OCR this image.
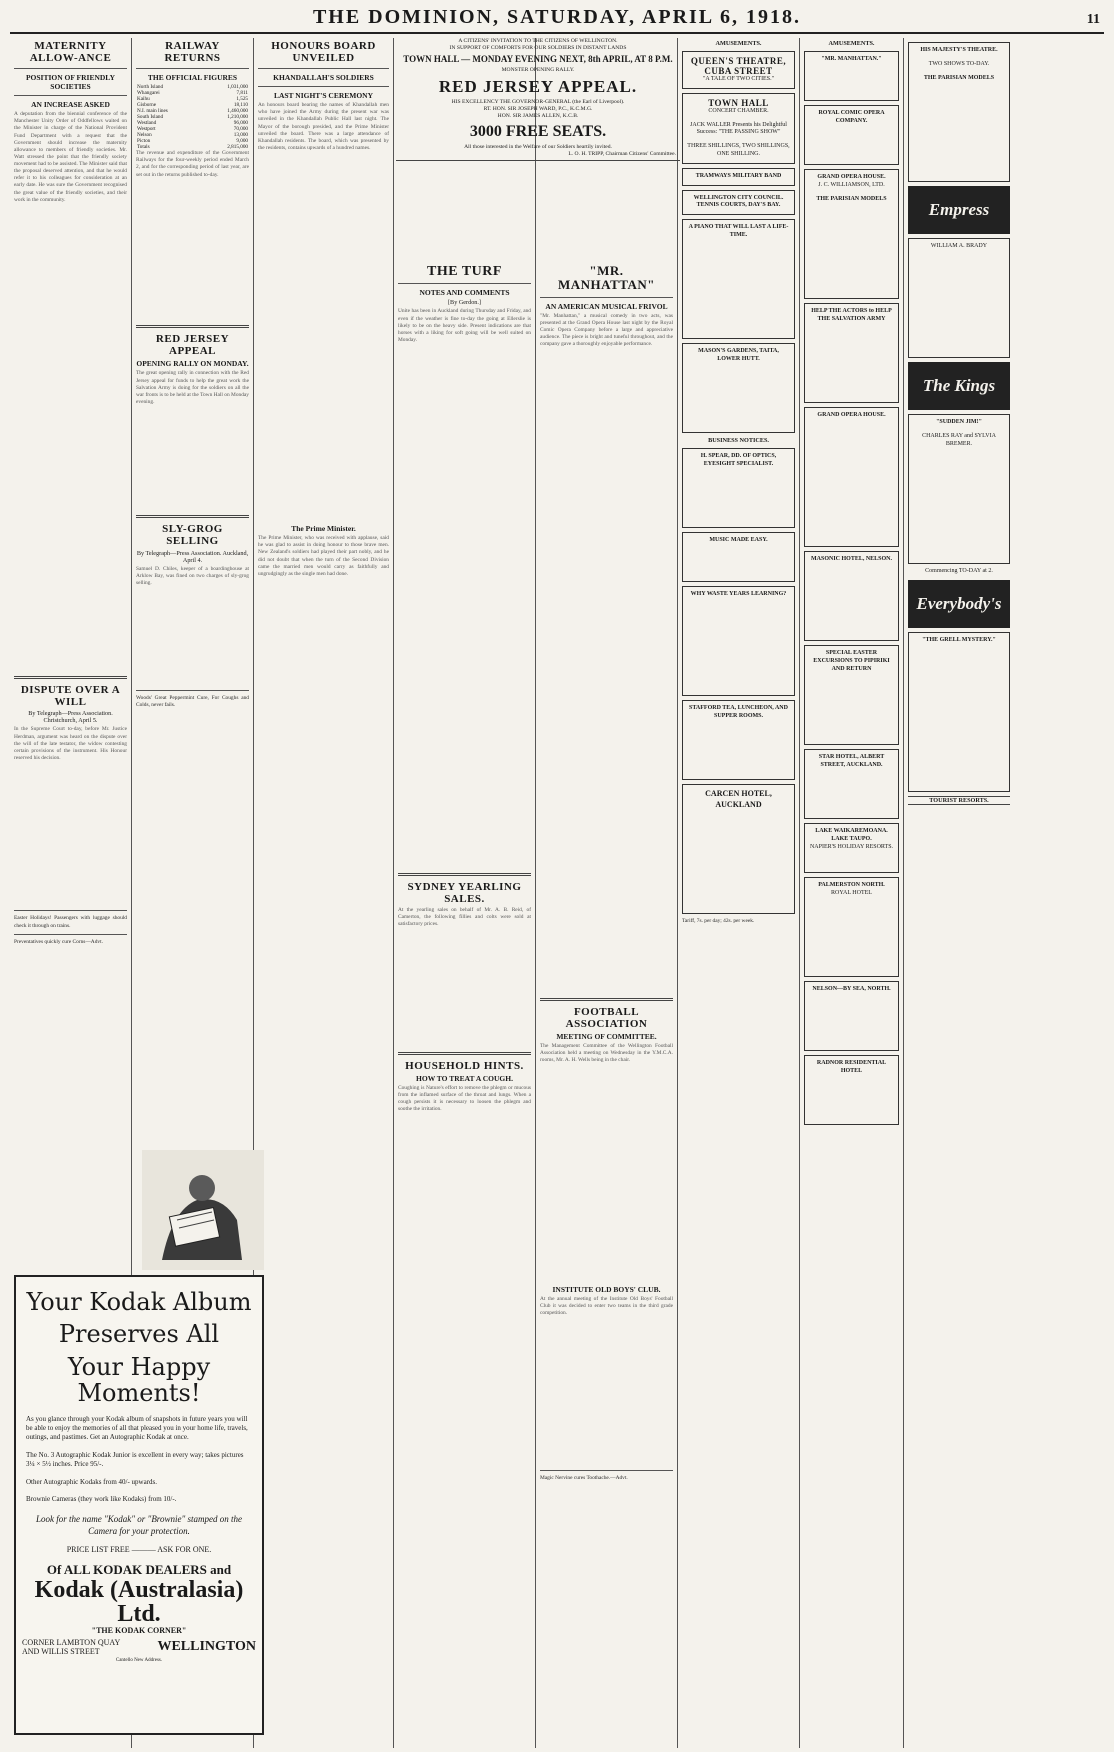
THE DOMINION, SATURDAY, APRIL 6, 1918.	11
A CITIZENS' INVITATION TO THE CITIZENS OF WELLINGTON.
IN SUPPORT OF COMFORTS FOR OUR SOLDIERS IN DISTANT LANDS
TOWN HALL — MONDAY EVENING NEXT, 8th APRIL, AT 8 P.M.
MONSTER OPENING RALLY.
RED JERSEY APPEAL.
HIS EXCELLENCY THE GOVERNOR-GENERAL (the Earl of Liverpool).
RT. HON. SIR JOSEPH WARD, P.C., K.C.M.G.
HON. SIR JAMES ALLEN, K.C.B.
3000 FREE SEATS.
All those interested in the Welfare of our Soldiers heartily invited.
L. O. H. TRIPP, Chairman Citizens' Committee.
MATERNITY ALLOW-ANCE
POSITION OF FRIENDLY SOCIETIES
AN INCREASE ASKED
A deputation from the biennial conference of the Manchester Unity Order of Oddfellows waited on the Minister in charge of the National Provident Fund Department with a request that the Government should increase the maternity allowance to members of friendly societies. Mr. Watt stressed the point that the friendly society movement had to be assisted. The Minister said that the proposal deserved attention, and that he would refer it to his colleagues for consideration at an early date. He was sure the Government recognised the great value of the friendly societies, and their work in the community.
DISPUTE OVER A WILL
By Telegraph—Press Association. Christchurch, April 5.
In the Supreme Court to-day, before Mr. Justice Herdman, argument was heard on the dispute over the will of the late testator, the widow contesting certain provisions of the instrument. His Honour reserved his decision.
Easter Holidays! Passengers with luggage should check it through on trains.
Preventatives quickly cure Corns—Advt.
RAILWAY RETURNS
THE OFFICIAL FIGURES
North Island	1,031,000
Whangarei	7,811
Kaihu	1,525
Gisborne	18,110
N.I. main lines	1,460,000
South Island	1,210,000
Westland	96,000
Westport	70,000
Nelson	13,000
Picton	9,000
Totals	2,815,000
The revenue and expenditure of the Government Railways for the four-weekly period ended March 2, and for the corresponding period of last year, are set out in the returns published to-day.
RED JERSEY APPEAL
OPENING RALLY ON MONDAY.
The great opening rally in connection with the Red Jersey appeal for funds to help the great work the Salvation Army is doing for the soldiers on all the war fronts is to be held at the Town Hall on Monday evening.
SLY-GROG SELLING
By Telegraph—Press Association. Auckland, April 4.
Samuel D. Chiles, keeper of a boardinghouse at Arklow Bay, was fined on two charges of sly-grog selling.
Woods' Great Peppermint Cure, For Coughs and Colds, never fails.
HONOURS BOARD UNVEILED
KHANDALLAH'S SOLDIERS
LAST NIGHT'S CEREMONY
An honours board bearing the names of Khandallah men who have joined the Army during the present war was unveiled in the Khandallah Public Hall last night. The Mayor of the borough presided, and the Prime Minister unveiled the board. There was a large attendance of Khandallah residents. The board, which was presented by the residents, contains upwards of a hundred names.
The Prime Minister.
The Prime Minister, who was received with applause, said he was glad to assist in doing honour to those brave men. New Zealand's soldiers had played their part nobly, and he did not doubt that when the turn of the Second Division came the married men would carry as faithfully and ungrudgingly as the single men had done.
THE TURF
NOTES AND COMMENTS
[By Gerdon.]
Unite has been in Auckland during Thursday and Friday, and even if the weather is fine to-day the going at Ellerslie is likely to be on the heavy side. Present indications are that horses with a liking for soft going will be well suited on Monday.
SYDNEY YEARLING SALES.
At the yearling sales on behalf of Mr. A. B. Reid, of Camerton, the following fillies and colts were sold at satisfactory prices.
HOUSEHOLD HINTS.
HOW TO TREAT A COUGH.
Coughing is Nature's effort to remove the phlegm or mucous from the inflamed surface of the throat and lungs. When a cough persists it is necessary to loosen the phlegm and soothe the irritation.
"MR. MANHATTAN"
AN AMERICAN MUSICAL FRIVOL
"Mr. Manhattan," a musical comedy in two acts, was presented at the Grand Opera House last night by the Royal Comic Opera Company before a large and appreciative audience. The piece is bright and tuneful throughout, and the company gave a thoroughly enjoyable performance.
FOOTBALL ASSOCIATION
MEETING OF COMMITTEE.
The Management Committee of the Wellington Football Association held a meeting on Wednesday in the Y.M.C.A. rooms, Mr. A. H. Wells being in the chair.
INSTITUTE OLD BOYS' CLUB.
At the annual meeting of the Institute Old Boys' Football Club it was decided to enter two teams in the third grade competition.
Magic Nervine cures Toothache.—Advt.
AMUSEMENTS.
QUEEN'S THEATRE, CUBA STREET
"A TALE OF TWO CITIES."
TOWN HALL
CONCERT CHAMBER.
JACK WALLER Presents his Delightful Success: "THE PASSING SHOW"
THREE SHILLINGS, TWO SHILLINGS, ONE SHILLING.
TRAMWAYS MILITARY BAND
WELLINGTON CITY COUNCIL. TENNIS COURTS, DAY'S BAY.
A PIANO THAT WILL LAST A LIFE-TIME.
MASON'S GARDENS, TAITA, LOWER HUTT.
BUSINESS NOTICES.
H. SPEAR, DD. OF OPTICS, EYESIGHT SPECIALIST.
MUSIC MADE EASY.
WHY WASTE YEARS LEARNING?
STAFFORD TEA, LUNCHEON, AND SUPPER ROOMS.
CARCEN HOTEL, AUCKLAND
Tariff, 7s. per day; 42s. per week.
AMUSEMENTS.
"MR. MANHATTAN."
ROYAL COMIC OPERA COMPANY.
GRAND OPERA HOUSE.
J. C. WILLIAMSON, LTD.
THE PARISIAN MODELS
HELP THE ACTORS to HELP THE SALVATION ARMY
GRAND OPERA HOUSE.
MASONIC HOTEL, NELSON.
SPECIAL EASTER EXCURSIONS TO PIPIRIKI AND RETURN
STAR HOTEL, ALBERT STREET, AUCKLAND.
LAKE WAIKAREMOANA. LAKE TAUPO.
NAPIER'S HOLIDAY RESORTS.
PALMERSTON NORTH.
ROYAL HOTEL
NELSON—BY SEA, NORTH.
RADNOR RESIDENTIAL HOTEL
HIS MAJESTY'S THEATRE.
TWO SHOWS TO-DAY.
THE PARISIAN MODELS
Empress
WILLIAM A. BRADY
The Kings
"SUDDEN JIM!"
CHARLES RAY and SYLVIA BREMER.
Commencing TO-DAY at 2.
Everybody's
"THE GRELL MYSTERY."
TOURIST RESORTS.
Your Kodak Album
Preserves All
Your Happy Moments!
As you glance through your Kodak album of snapshots in future years you will be able to enjoy the memories of all that pleased you in your home life, travels, outings, and pastimes. Get an Autographic Kodak at once.
The No. 3 Autographic Kodak Junior is excellent in every way; takes pictures 3¼ × 5½ inches. Price 95/-.
Other Autographic Kodaks from 40/- upwards.
Brownie Cameras (they work like Kodaks) from 10/-.
Look for the name "Kodak" or "Brownie" stamped on the Camera for your protection.
PRICE LIST FREE ——— ASK FOR ONE.
Of ALL KODAK DEALERS and
Kodak (Australasia) Ltd.
"THE KODAK CORNER"
CORNER LAMBTON QUAY AND WILLIS STREET	WELLINGTON
Cantello New Address.
